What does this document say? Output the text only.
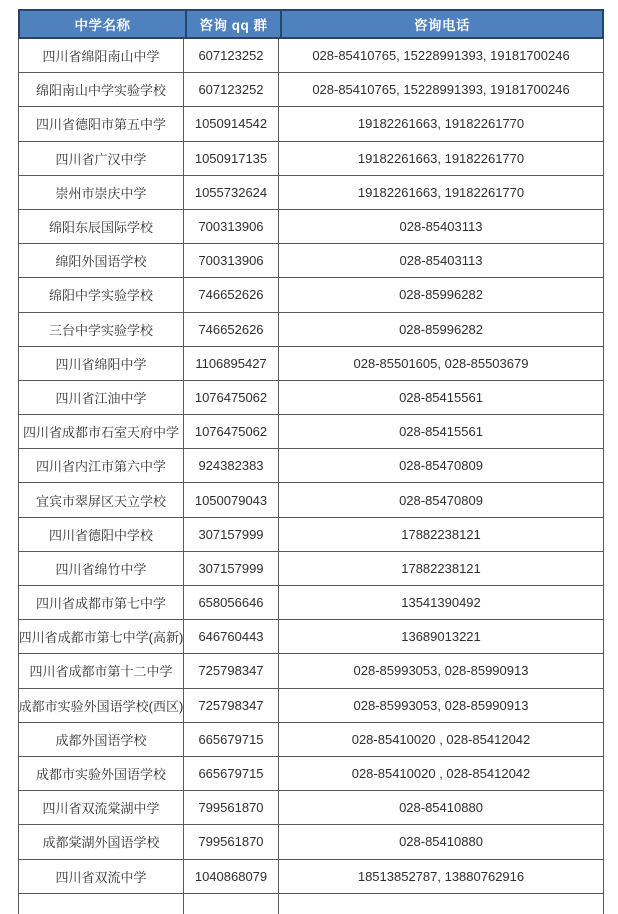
中学名称	咨询 qq 群	咨询电话
四川省绵阳南山中学	607123252	028-85410765, 15228991393, 19181700246
绵阳南山中学实验学校	607123252	028-85410765, 15228991393, 19181700246
四川省德阳市第五中学	1050914542	19182261663, 19182261770
四川省广汉中学	1050917135	19182261663, 19182261770
崇州市崇庆中学	1055732624	19182261663, 19182261770
绵阳东辰国际学校	700313906	028-85403113
绵阳外国语学校	700313906	028-85403113
绵阳中学实验学校	746652626	028-85996282
三台中学实验学校	746652626	028-85996282
四川省绵阳中学	1106895427	028-85501605, 028-85503679
四川省江油中学	1076475062	028-85415561
四川省成都市石室天府中学	1076475062	028-85415561
四川省内江市第六中学	924382383	028-85470809
宜宾市翠屏区天立学校	1050079043	028-85470809
四川省德阳中学校	307157999	17882238121
四川省绵竹中学	307157999	17882238121
四川省成都市第七中学	658056646	13541390492
四川省成都市第七中学(高新)	646760443	13689013221
四川省成都市第十二中学	725798347	028-85993053, 028-85990913
成都市实验外国语学校(西区)	725798347	028-85993053, 028-85990913
成都外国语学校	665679715	028-85410020 , 028-85412042
成都市实验外国语学校	665679715	028-85410020 , 028-85412042
四川省双流棠湖中学	799561870	028-85410880
成都棠湖外国语学校	799561870	028-85410880
四川省双流中学	1040868079	18513852787, 13880762916
